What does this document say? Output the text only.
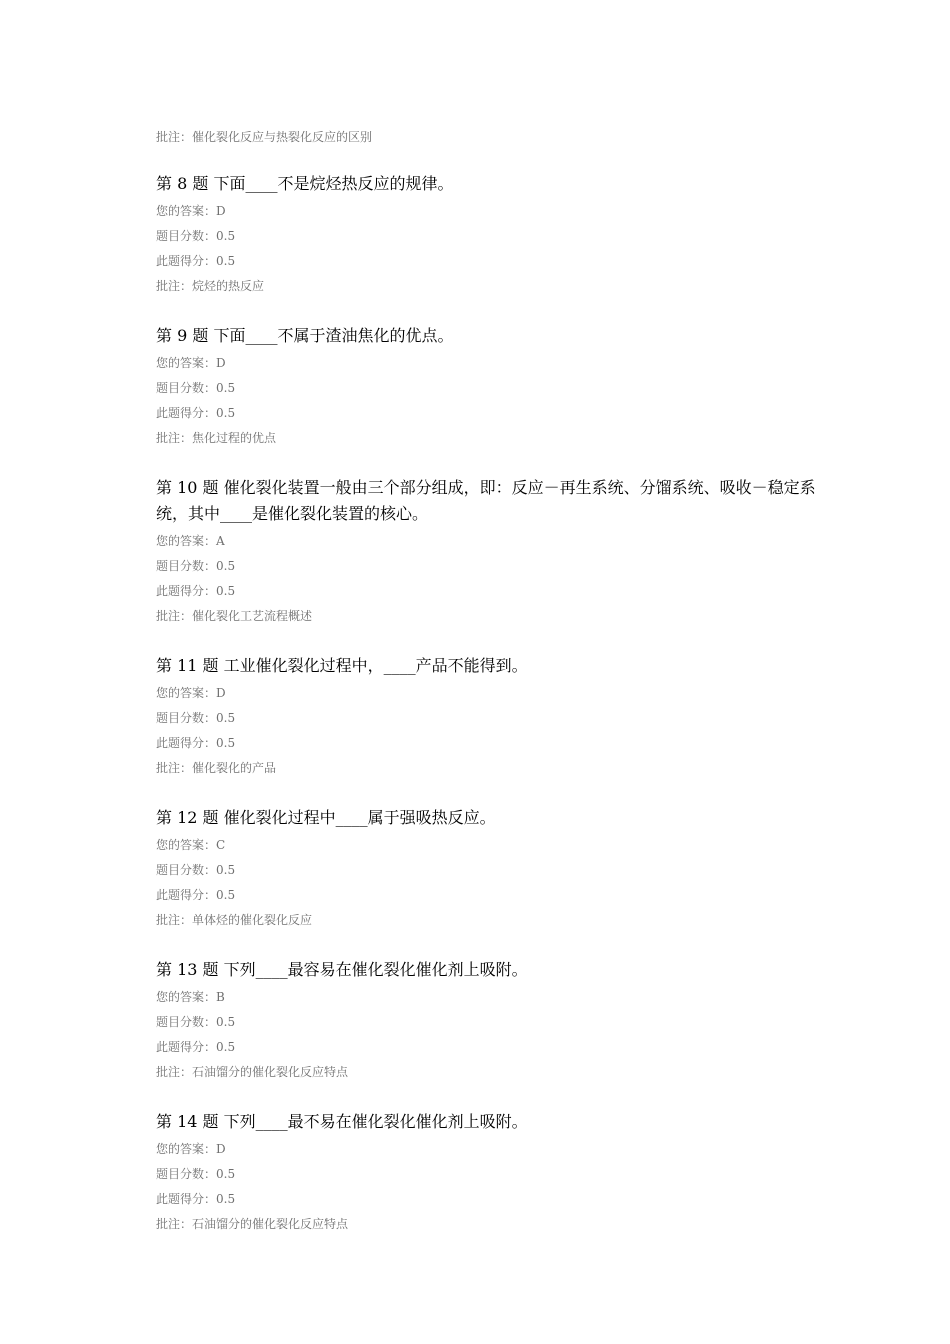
批注：催化裂化反应与热裂化反应的区别
第 8 题 下面____不是烷烃热反应的规律。
您的答案：D
题目分数：0.5
此题得分：0.5
批注：烷烃的热反应
第 9 题 下面____不属于渣油焦化的优点。
您的答案：D
题目分数：0.5
此题得分：0.5
批注：焦化过程的优点
第 10 题 催化裂化装置一般由三个部分组成，即：反应－再生系统、分馏系统、吸收－稳定系统，其中____是催化裂化装置的核心。
您的答案：A
题目分数：0.5
此题得分：0.5
批注：催化裂化工艺流程概述
第 11 题 工业催化裂化过程中，____产品不能得到。
您的答案：D
题目分数：0.5
此题得分：0.5
批注：催化裂化的产品
第 12 题 催化裂化过程中____属于强吸热反应。
您的答案：C
题目分数：0.5
此题得分：0.5
批注：单体烃的催化裂化反应
第 13 题 下列____最容易在催化裂化催化剂上吸附。
您的答案：B
题目分数：0.5
此题得分：0.5
批注：石油馏分的催化裂化反应特点
第 14 题 下列____最不易在催化裂化催化剂上吸附。
您的答案：D
题目分数：0.5
此题得分：0.5
批注：石油馏分的催化裂化反应特点
